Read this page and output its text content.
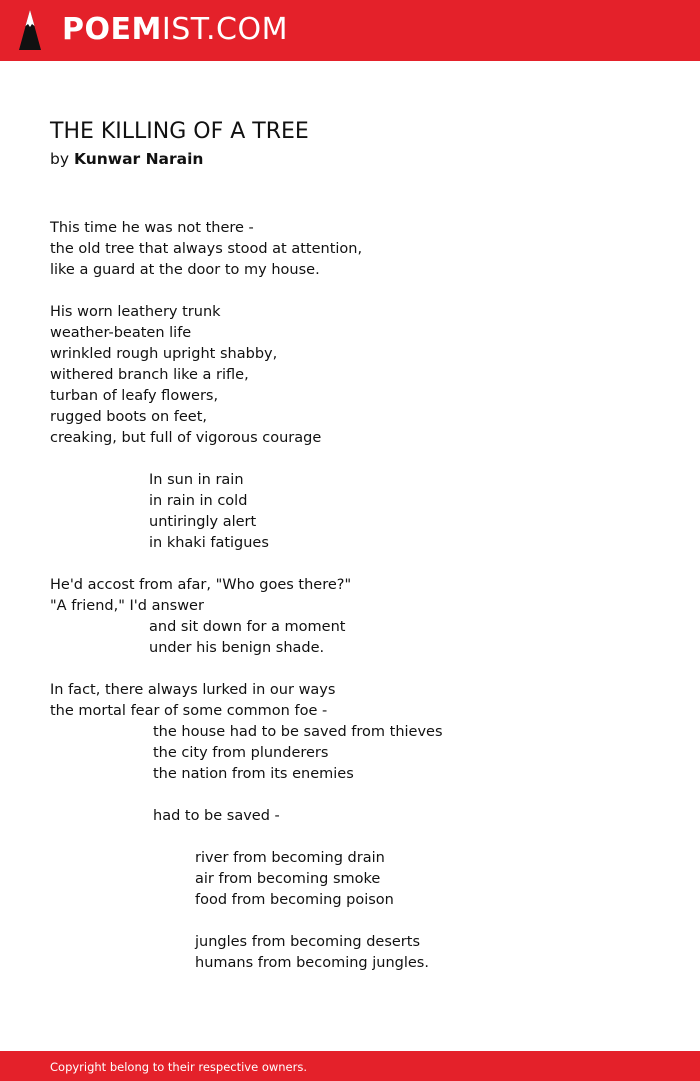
POEMIST.COM
THE KILLING OF A TREE
by Kunwar Narain
This time he was not there -
the old tree that always stood at attention,
like a guard at the door to my house.
His worn leathery trunk
weather-beaten life
wrinkled rough upright shabby,
withered branch like a rifle,
turban of leafy flowers,
rugged boots on feet,
creaking, but full of vigorous courage
In sun in rain
in rain in cold
untiringly alert
in khaki fatigues
He'd accost from afar, "Who goes there?"
"A friend," I'd answer
and sit down for a moment
under his benign shade.
In fact, there always lurked in our ways
the mortal fear of some common foe -
the house had to be saved from thieves
the city from plunderers
the nation from its enemies
had to be saved -
river from becoming drain
air from becoming smoke
food from becoming poison
jungles from becoming deserts
humans from becoming jungles.
Copyright belong to their respective owners.
